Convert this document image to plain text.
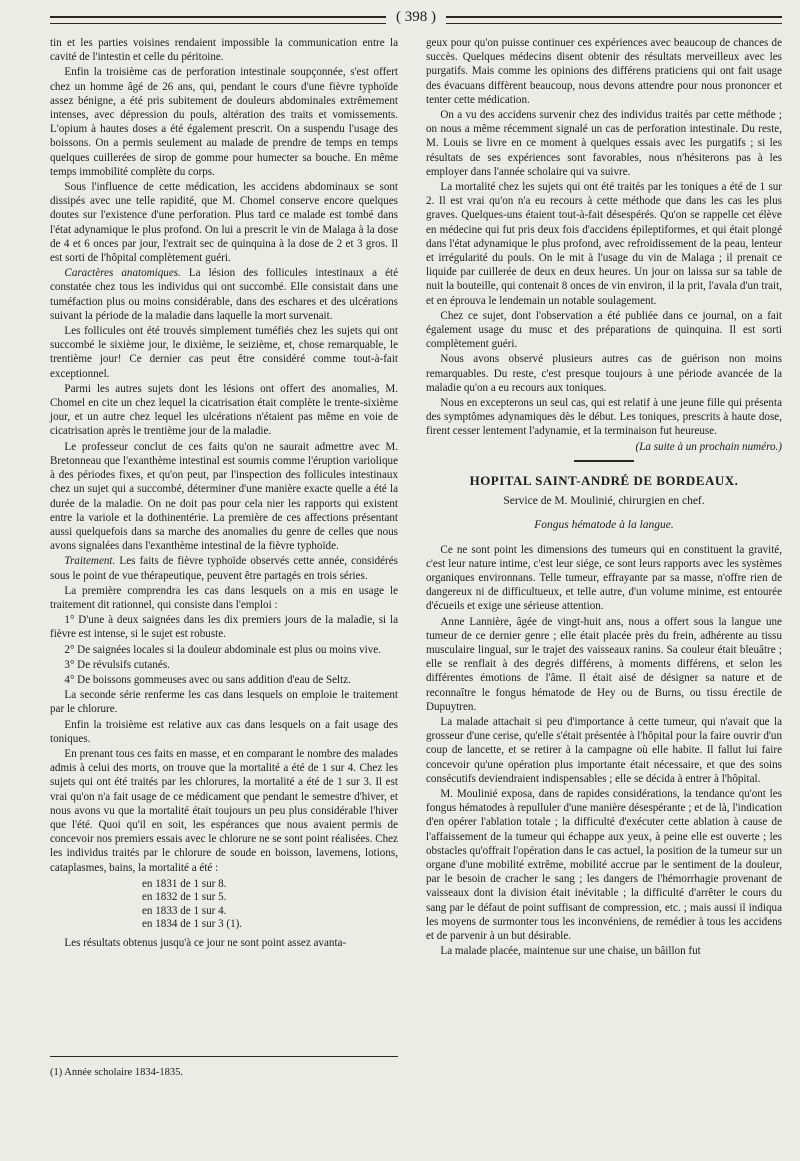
( 398 )

tin et les parties voisines rendaient impossible la communication entre la cavité de l'intestin et celle du péritoine.

Enfin la troisième cas de perforation intestinale soupçonnée, s'est offert chez un homme âgé de 26 ans, qui, pendant le cours d'une fièvre typhoïde assez bénigne, a été pris subitement de douleurs abdominales extrêmement intenses, avec dépression du pouls, altération des traits et vomissements. L'opium à hautes doses a été également prescrit. On a suspendu l'usage des boissons. On a permis seulement au malade de prendre de temps en temps quelques cuillerées de sirop de gomme pour humecter sa bouche. En même temps immobilité complète du corps.

Sous l'influence de cette médication, les accidens abdominaux se sont dissipés avec une telle rapidité, que M. Chomel conserve encore quelques doutes sur l'existence d'une perforation. Plus tard ce malade est tombé dans l'état adynamique le plus profond. On lui a prescrit le vin de Malaga à la dose de 4 et 6 onces par jour, l'extrait sec de quinquina à la dose de 2 et 3 gros. Il est sorti de l'hôpital complètement guéri.

Caractères anatomiques. La lésion des follicules intestinaux a été constatée chez tous les individus qui ont succombé. Elle consistait dans une tuméfaction plus ou moins considérable, dans des eschares et des ulcérations suivant la période de la maladie dans laquelle la mort survenait.

Les follicules ont été trouvés simplement tuméfiés chez les sujets qui ont succombé le sixième jour, le dixième, le seizième, et, chose remarquable, le trentième jour! Ce dernier cas peut être considéré comme tout-à-fait exceptionnel.

Parmi les autres sujets dont les lésions ont offert des anomalies, M. Chomel en cite un chez lequel la cicatrisation était complète le trente-sixième jour, et un autre chez lequel les ulcérations n'étaient pas même en voie de cicatrisation après le trentième jour de la maladie.

Le professeur conclut de ces faits qu'on ne saurait admettre avec M. Bretonneau que l'exanthème intestinal est soumis comme l'éruption variolique à des périodes fixes, et qu'on peut, par l'inspection des follicules intestinaux chez un sujet qui a succombé, déterminer d'une manière exacte quelle a été la durée de la maladie. On ne doit pas pour cela nier les rapports qui existent entre la variole et la dothinentérie. La première de ces affections présentant aussi quelquefois dans sa marche des anomalies du genre de celles que nous avons signalées dans l'exanthème intestinal de la fièvre typhoïde.

Traitement. Les faits de fièvre typhoïde observés cette année, considérés sous le point de vue thérapeutique, peuvent être partagés en trois séries.

La première comprendra les cas dans lesquels on a mis en usage le traitement dit rationnel, qui consiste dans l'emploi :

1° D'une à deux saignées dans les dix premiers jours de la maladie, si la fièvre est intense, si le sujet est robuste.

2° De saignées locales si la douleur abdominale est plus ou moins vive.

3° De révulsifs cutanés.

4° De boissons gommeuses avec ou sans addition d'eau de Seltz.

La seconde série renferme les cas dans lesquels on emploie le traitement par le chlorure.

Enfin la troisième est relative aux cas dans lesquels on a fait usage des toniques.

En prenant tous ces faits en masse, et en comparant le nombre des malades admis à celui des morts, on trouve que la mortalité a été de 1 sur 4. Chez les sujets qui ont été traités par les chlorures, la mortalité a été de 1 sur 3. Il est vrai qu'on n'a fait usage de ce médicament que pendant le semestre d'hiver, et nous avons vu que la mortalité était toujours un peu plus considérable l'hiver que l'été. Quoi qu'il en soit, les espérances que nous avaient permis de concevoir nos premiers essais avec le chlorure ne se sont point réalisées. Chez les individus traités par le chlorure de soude en boisson, lavemens, lotions, cataplasmes, bains, la mortalité a été :

en 1831 de 1 sur 8.
en 1832 de 1 sur 5.
en 1833 de 1 sur 4.
en 1834 de 1 sur 3 (1).

Les résultats obtenus jusqu'à ce jour ne sont point assez avanta-

(1) Année scholaire 1834-1835.

geux pour qu'on puisse continuer ces expériences avec beaucoup de chances de succès. Quelques médecins disent obtenir des résultats merveilleux avec les purgatifs. Mais comme les opinions des différens praticiens qui ont fait usage des évacuans diffèrent beaucoup, nous devons attendre pour nous prononcer et tenter cette médication.

On a vu des accidens survenir chez des individus traités par cette méthode ; on nous a même récemment signalé un cas de perforation intestinale. Du reste, M. Louis se livre en ce moment à quelques essais avec les purgatifs ; si les résultats de ses expériences sont favorables, nous n'hésiterons pas à les employer dans l'année scholaire qui va suivre.

La mortalité chez les sujets qui ont été traités par les toniques a été de 1 sur 2. Il est vrai qu'on n'a eu recours à cette méthode que dans les cas les plus graves. Quelques-uns étaient tout-à-fait désespérés. Qu'on se rappelle cet élève en médecine qui fut pris deux fois d'accidens épileptiformes, et qui était plongé dans l'état adynamique le plus profond, avec refroidissement de la peau, lenteur et irrégularité du pouls. On le mit à l'usage du vin de Malaga ; il prenait ce liquide par cuillerée de deux en deux heures. Un jour on laissa sur sa table de nuit la bouteille, qui contenait 8 onces de vin environ, il la prit, l'avala d'un trait, et en éprouva le lendemain un notable soulagement.

Chez ce sujet, dont l'observation a été publiée dans ce journal, on a fait également usage du musc et des préparations de quinquina. Il est sorti complètement guéri.

Nous avons observé plusieurs autres cas de guérison non moins remarquables. Du reste, c'est presque toujours à une période avancée de la maladie qu'on a eu recours aux toniques.

Nous en excepterons un seul cas, qui est relatif à une jeune fille qui présenta des symptômes adynamiques dès le début. Les toniques, prescrits à haute dose, firent cesser lentement l'adynamie, et la terminaison fut heureuse.

(La suite à un prochain numéro.)

HOPITAL SAINT-ANDRÉ DE BORDEAUX.
Service de M. Moulinié, chirurgien en chef.
Fongus hématode à la langue.

Ce ne sont point les dimensions des tumeurs qui en constituent la gravité, c'est leur nature intime, c'est leur siége, ce sont leurs rapports avec les systèmes organiques environnans. Telle tumeur, effrayante par sa masse, n'offre rien de dangereux ni de difficultueux, et telle autre, d'un volume minime, est entourée d'écueils et exige une sérieuse attention.

Anne Lannière, âgée de vingt-huit ans, nous a offert sous la langue une tumeur de ce dernier genre ; elle était placée près du frein, adhérente au tissu musculaire lingual, sur le trajet des vaisseaux ranins. Sa couleur était bleuâtre ; elle se renflait à des degrés différens, à moments différens, et selon les différentes émotions de l'âme. Il était aisé de désigner sa nature et de reconnaître le fongus hématode de Hey ou de Burns, ou tissu érectile de Dupuytren.

La malade attachait si peu d'importance à cette tumeur, qui n'avait que la grosseur d'une cerise, qu'elle s'était présentée à l'hôpital pour la faire ouvrir d'un coup de lancette, et se retirer à la campagne où elle habite. Il fallut lui faire concevoir qu'une opération plus importante était nécessaire, et que des soins consécutifs deviendraient indispensables ; elle se décida à entrer à l'hôpital.

M. Moulinié exposa, dans de rapides considérations, la tendance qu'ont les fongus hématodes à repulluler d'une manière désespérante ; et de là, l'indication d'en opérer l'ablation totale ; la difficulté d'exécuter cette ablation à cause de l'affaissement de la tumeur qui échappe aux yeux, à peine elle est ouverte ; les obstacles qu'offrait l'opération dans le cas actuel, la position de la tumeur sur un organe d'une mobilité extrême, mobilité accrue par le sentiment de la douleur, par le besoin de cracher le sang ; les dangers de l'hémorrhagie provenant de vaisseaux dont la division était inévitable ; la difficulté d'arrêter le cours du sang par le défaut de point suffisant de compression, etc. ; mais aussi il indiqua les moyens de surmonter tous les inconvéniens, de remédier à tous les accidens et de parvenir à un but désirable.

La malade placée, maintenue sur une chaise, un bâillon fut
